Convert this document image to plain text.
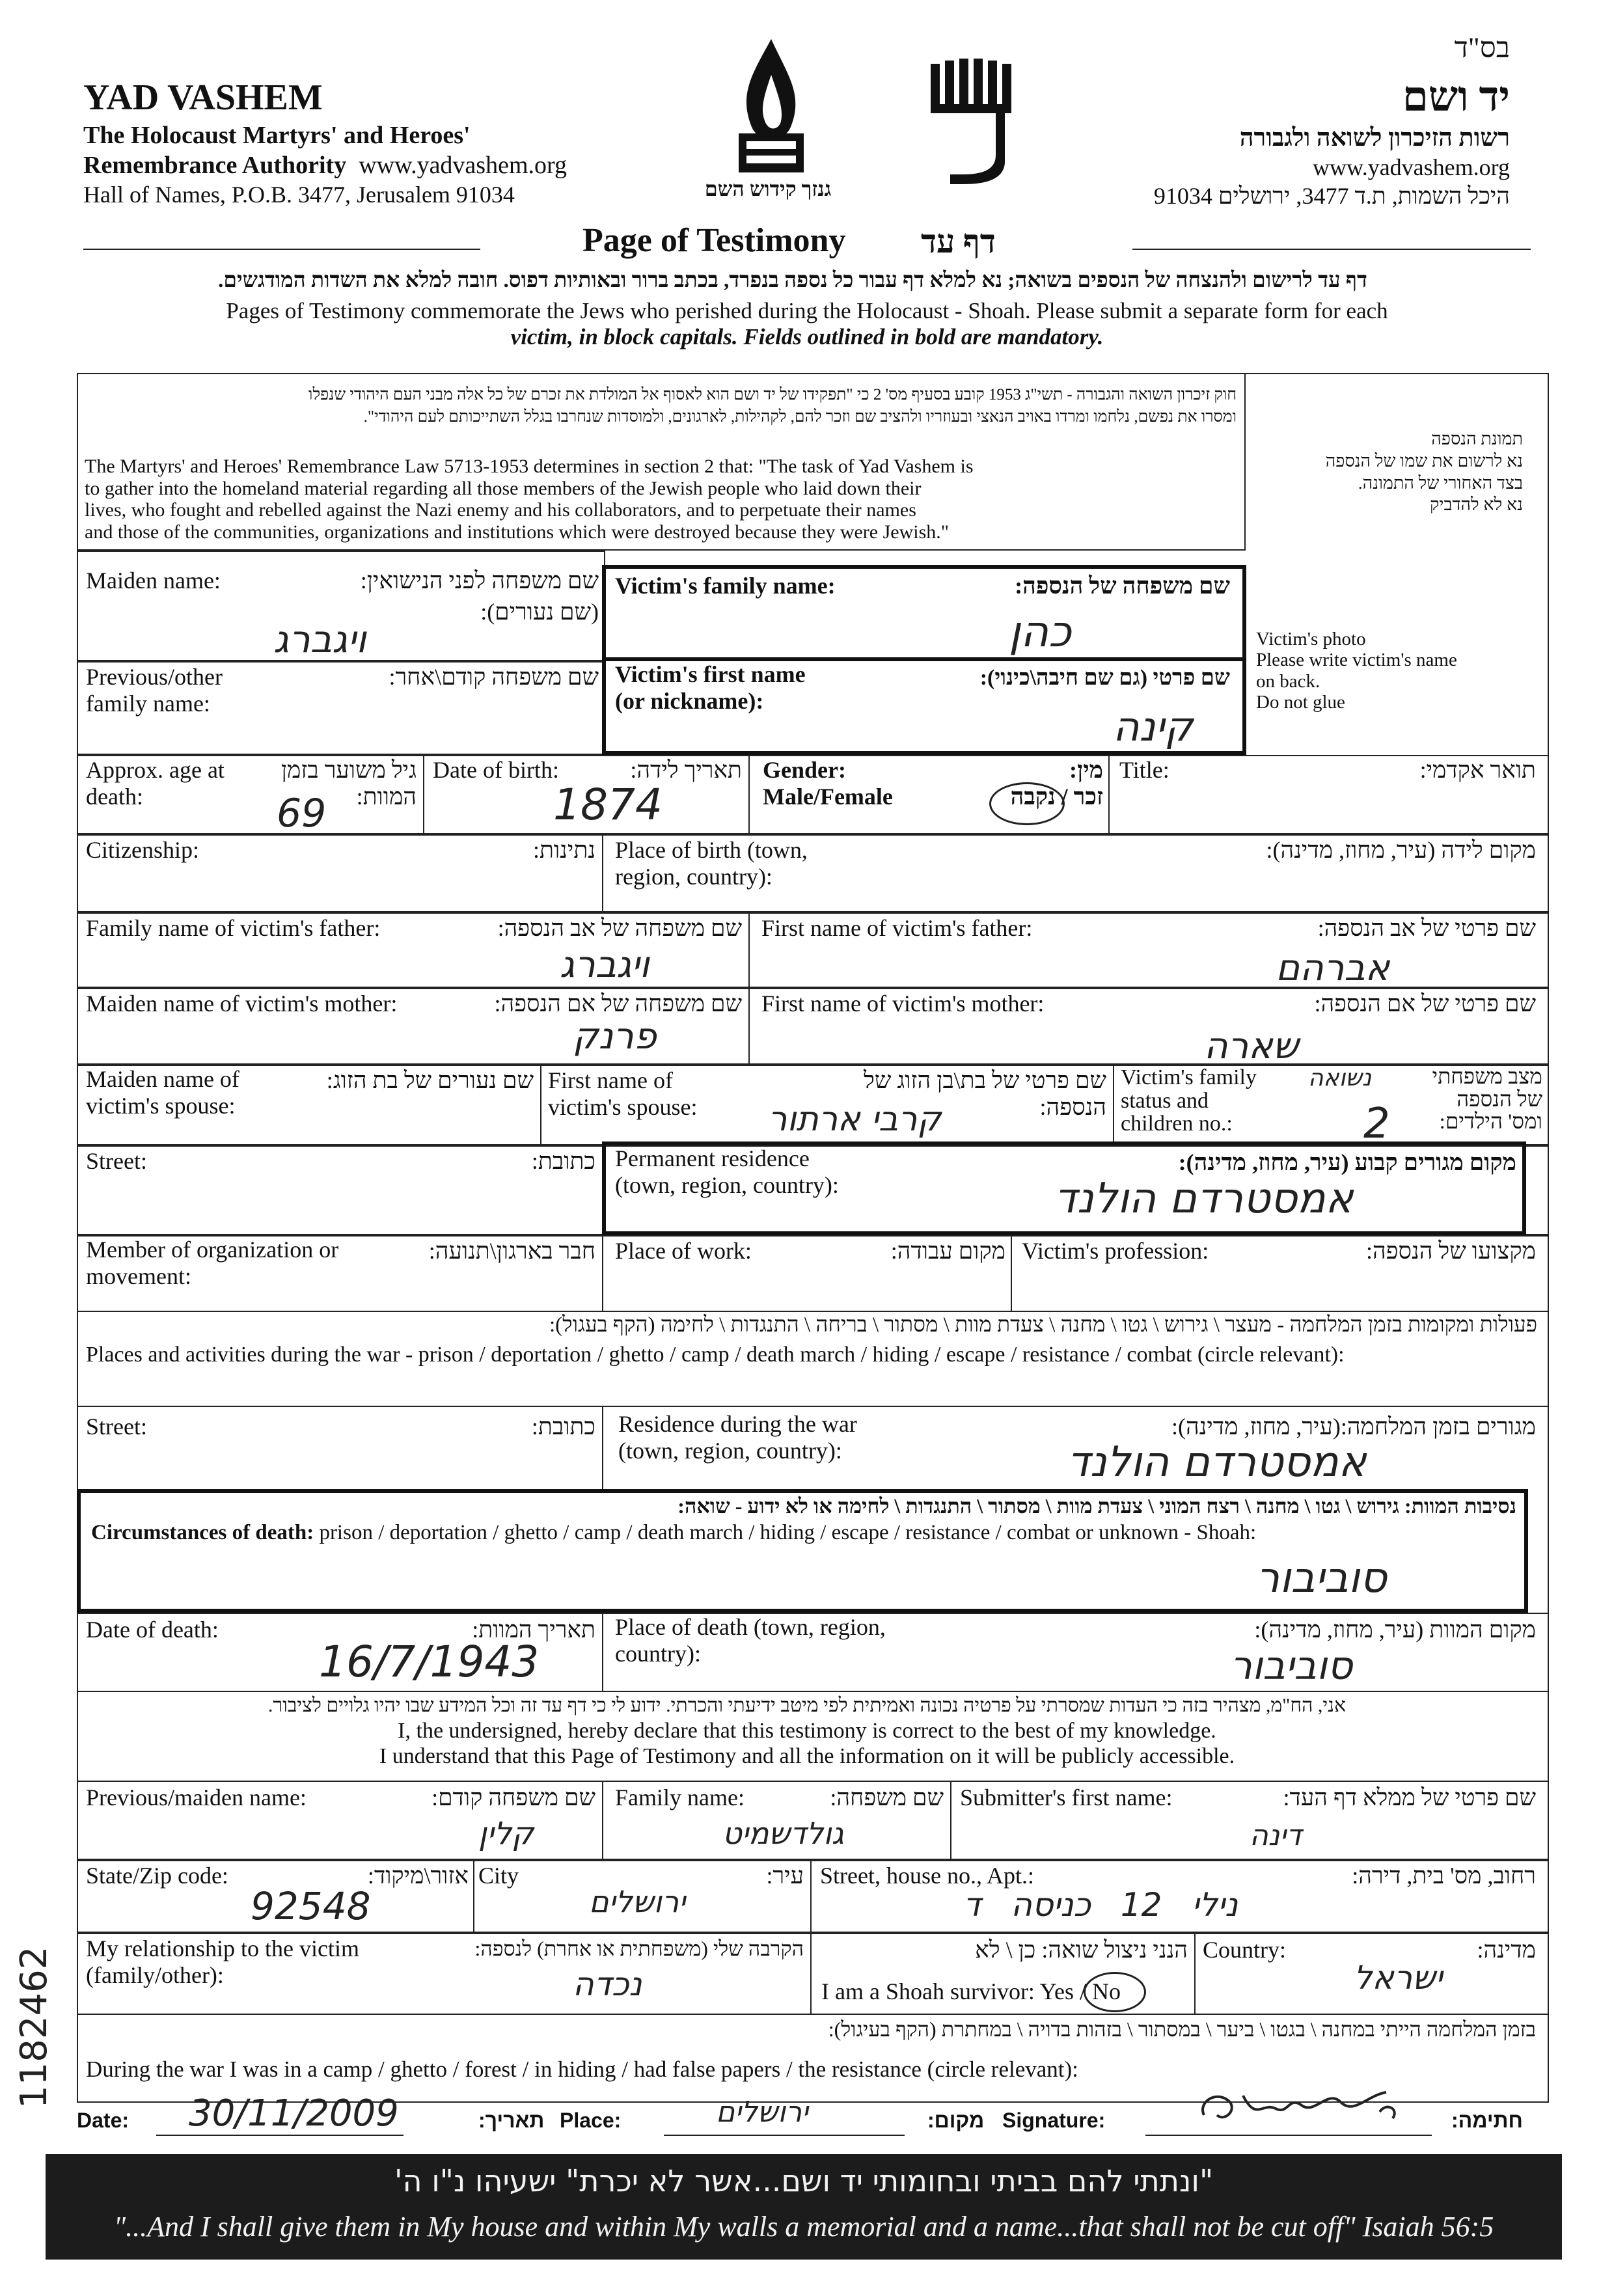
בס"ד
YAD VASHEM
The Holocaust Martyrs' and Heroes'
Remembrance Authority www.yadvashem.org
Hall of Names, P.O.B. 3477, Jerusalem 91034	גנזך קידוש השם
יד ושם
רשות הזיכרון לשואה ולגבורה
www.yadvashem.org
היכל השמות, ת.ד 3477, ירושלים 91034
Page of Testimony דף עד
דף עד לרישום ולהנצחה של הנספים בשואה; נא למלא דף עבור כל נספה בנפרד, בכתב ברור ובאותיות דפוס. חובה למלא את השדות המודגשים.
Pages of Testimony commemorate the Jews who perished during the Holocaust - Shoah. Please submit a separate form for each
victim, in block capitals. Fields outlined in bold are mandatory.
חוק זיכרון השואה והגבורה - תשי"ג 1953 קובע בסעיף מס' 2 כי "תפקידו של יד ושם הוא לאסוף אל המולדת את זכרם של כל אלה מבני העם היהודי שנפלו
ומסרו את נפשם, נלחמו ומרדו באויב הנאצי ובעוזריו ולהציב שם וזכר להם, לקהילות, לארגונים, ולמוסדות שנחרבו בגלל השתייכותם לעם היהודי".
The Martyrs' and Heroes' Remembrance Law 5713-1953 determines in section 2 that: "The task of Yad Vashem is
to gather into the homeland material regarding all those members of the Jewish people who laid down their
lives, who fought and rebelled against the Nazi enemy and his collaborators, and to perpetuate their names
and those of the communities, organizations and institutions which were destroyed because they were Jewish."
תמונת הנספה
נא לרשום את שמו של הנספה
בצד האחורי של התמונה.
נא לא להדביק
Victim's photo
Please write victim's name
on back.
Do not glue
Maiden name:	שם משפחה לפני הנישואין:
(שם נעורים):
ויגברג
Victim's family name:	שם משפחה של הנספה:
כהן
Previous/other
family name:
שם משפחה קודם\אחר: Victim's first name
(or nickname):
שם פרטי (גם שם חיבה\כינוי):
קינה
Approx. age at
death:
גיל משוער בזמן
המוות:
69
Date of birth:	תאריך לידה:
1874
Gender:
Male/Female
מין:
זכר / נקבה
Title:	תואר אקדמי:
Citizenship:	נתינות: Place of birth (town,
region, country):
מקום לידה (עיר, מחוז, מדינה):
Family name of victim's father:	שם משפחה של אב הנספה:
ויגברג
First name of victim's father:	שם פרטי של אב הנספה:
אברהם
Maiden name of victim's mother:	שם משפחה של אם הנספה:
פרנק
First name of victim's mother:	שם פרטי של אם הנספה:
שארה
Maiden name of
victim's spouse:
שם נעורים של בת הזוג: First name of
victim's spouse:
שם פרטי של בת\בן הזוג של
הנספה:
קרבי ארתור
Victim's family
status and
children no.:
מצב משפחתי
של הנספה
ומס' הילדים:
נשואה
2
Street:	כתובת: Permanent residence
(town, region, country):
מקום מגורים קבוע (עיר, מחוז, מדינה):
אמסטרדם הולנד
Member of organization or
movement:
חבר בארגון\תנועה: Place of work:	מקום עבודה: Victim's profession:	מקצועו של הנספה:
פעולות ומקומות בזמן המלחמה - מעצר \ גירוש \ גטו \ מחנה \ צעדת מוות \ מסתור \ בריחה \ התנגדות \ לחימה (הקף בעגול):
Places and activities during the war - prison / deportation / ghetto / camp / death march / hiding / escape / resistance / combat (circle relevant):
Street:	כתובת: Residence during the war
(town, region, country):
מגורים בזמן המלחמה:(עיר, מחוז, מדינה):
אמסטרדם הולנד
נסיבות המוות: גירוש \ גטו \ מחנה \ רצח המוני \ צעדת מוות \ מסתור \ התנגדות \ לחימה או לא ידוע - שואה:
Circumstances of death: prison / deportation / ghetto / camp / death march / hiding / escape / resistance / combat or unknown - Shoah:
סוביבור
Date of death:	תאריך המוות:
16/7/1943
Place of death (town, region,
country):
מקום המוות (עיר, מחוז, מדינה):
סוביבור
אני, הח"מ, מצהיר בזה כי העדות שמסרתי על פרטיה נכונה ואמיתית לפי מיטב ידיעתי והכרתי. ידוע לי כי דף עד זה וכל המידע שבו יהיו גלויים לציבור.
I, the undersigned, hereby declare that this testimony is correct to the best of my knowledge.
I understand that this Page of Testimony and all the information on it will be publicly accessible.
Previous/maiden name:	שם משפחה קודם:
קלין
Family name:	שם משפחה:
גולדשמיט
Submitter's first name:	שם פרטי של ממלא דף העד:
דינה
State/Zip code:	אזור\מיקוד:
92548
City	עיר:
ירושלים
Street, house no., Apt.:	רחוב, מס' בית, דירה:
נילי 12 כניסה ד
My relationship to the victim
(family/other):
הקרבה שלי (משפחתית או אחרת) לנספה:
נכדה
הנני ניצול שואה: כן \ לא
I am a Shoah survivor: Yes / No
Country:	מדינה:
ישראל
בזמן המלחמה הייתי במחנה \ בגטו \ ביער \ במסתור \ בזהות בדויה \ במחתרת (הקף בעיגול):
During the war I was in a camp / ghetto / forest / in hiding / had false papers / the resistance (circle relevant):
Date: 30/11/2009	תאריך: Place:	ירושלים	מקום: Signature:	חתימה:
"ונתתי להם בביתי ובחומותי יד ושם...אשר לא יכרת" ישעיהו נ"ו ה'
"...And I shall give them in My house and within My walls a memorial and a name...that shall not be cut off" Isaiah 56:5
1182462
